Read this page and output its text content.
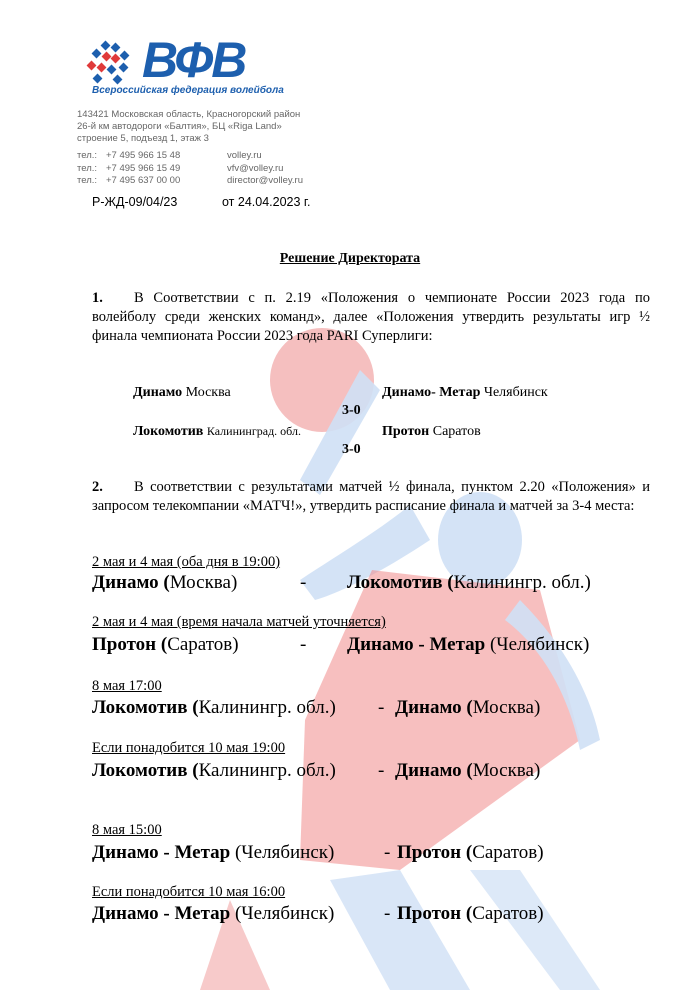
ВФВ
Всероссийская федерация волейбола
143421 Московская область, Красногорский район
26-й км автодороги «Балтия», БЦ «Riga Land»
строение 5, подъезд 1, этаж 3
тел.: +7 495 966 15 48	volley.ru
тел.: +7 495 966 15 49	vfv@volley.ru
тел.: +7 495 637 00 00	director@volley.ru
Р-ЖД-09/04/23	от 24.04.2023 г.
Решение Директората
1. В Соответствии с п. 2.19 «Положения о чемпионате России 2023 года по волейболу среди женских команд», далее «Положения утвердить результаты игр ½ финала чемпионата России 2023 года PARI Суперлиги:
Динамо Москва	Динамо- Метар Челябинск
3-0
Локомотив Калининград. обл.	Протон Саратов
3-0
2. В соответствии с результатами матчей ½ финала, пунктом 2.20 «Положения» и запросом телекомпании «МАТЧ!», утвердить расписание финала и матчей за 3-4 места:
2 мая и 4 мая (оба дня в 19:00)
Динамо (Москва)	- Локомотив (Калинингр. обл.)
2 мая и 4 мая (время начала матчей уточняется)
Протон (Саратов)	- Динамо - Метар (Челябинск)
8 мая 17:00
Локомотив (Калинингр. обл.) - Динамо (Москва)
Если понадобится 10 мая 19:00
Локомотив (Калинингр. обл.) - Динамо (Москва)
8 мая 15:00
Динамо - Метар (Челябинск)	- Протон (Саратов)
Если понадобится 10 мая 16:00
Динамо - Метар (Челябинск)	- Протон (Саратов)
